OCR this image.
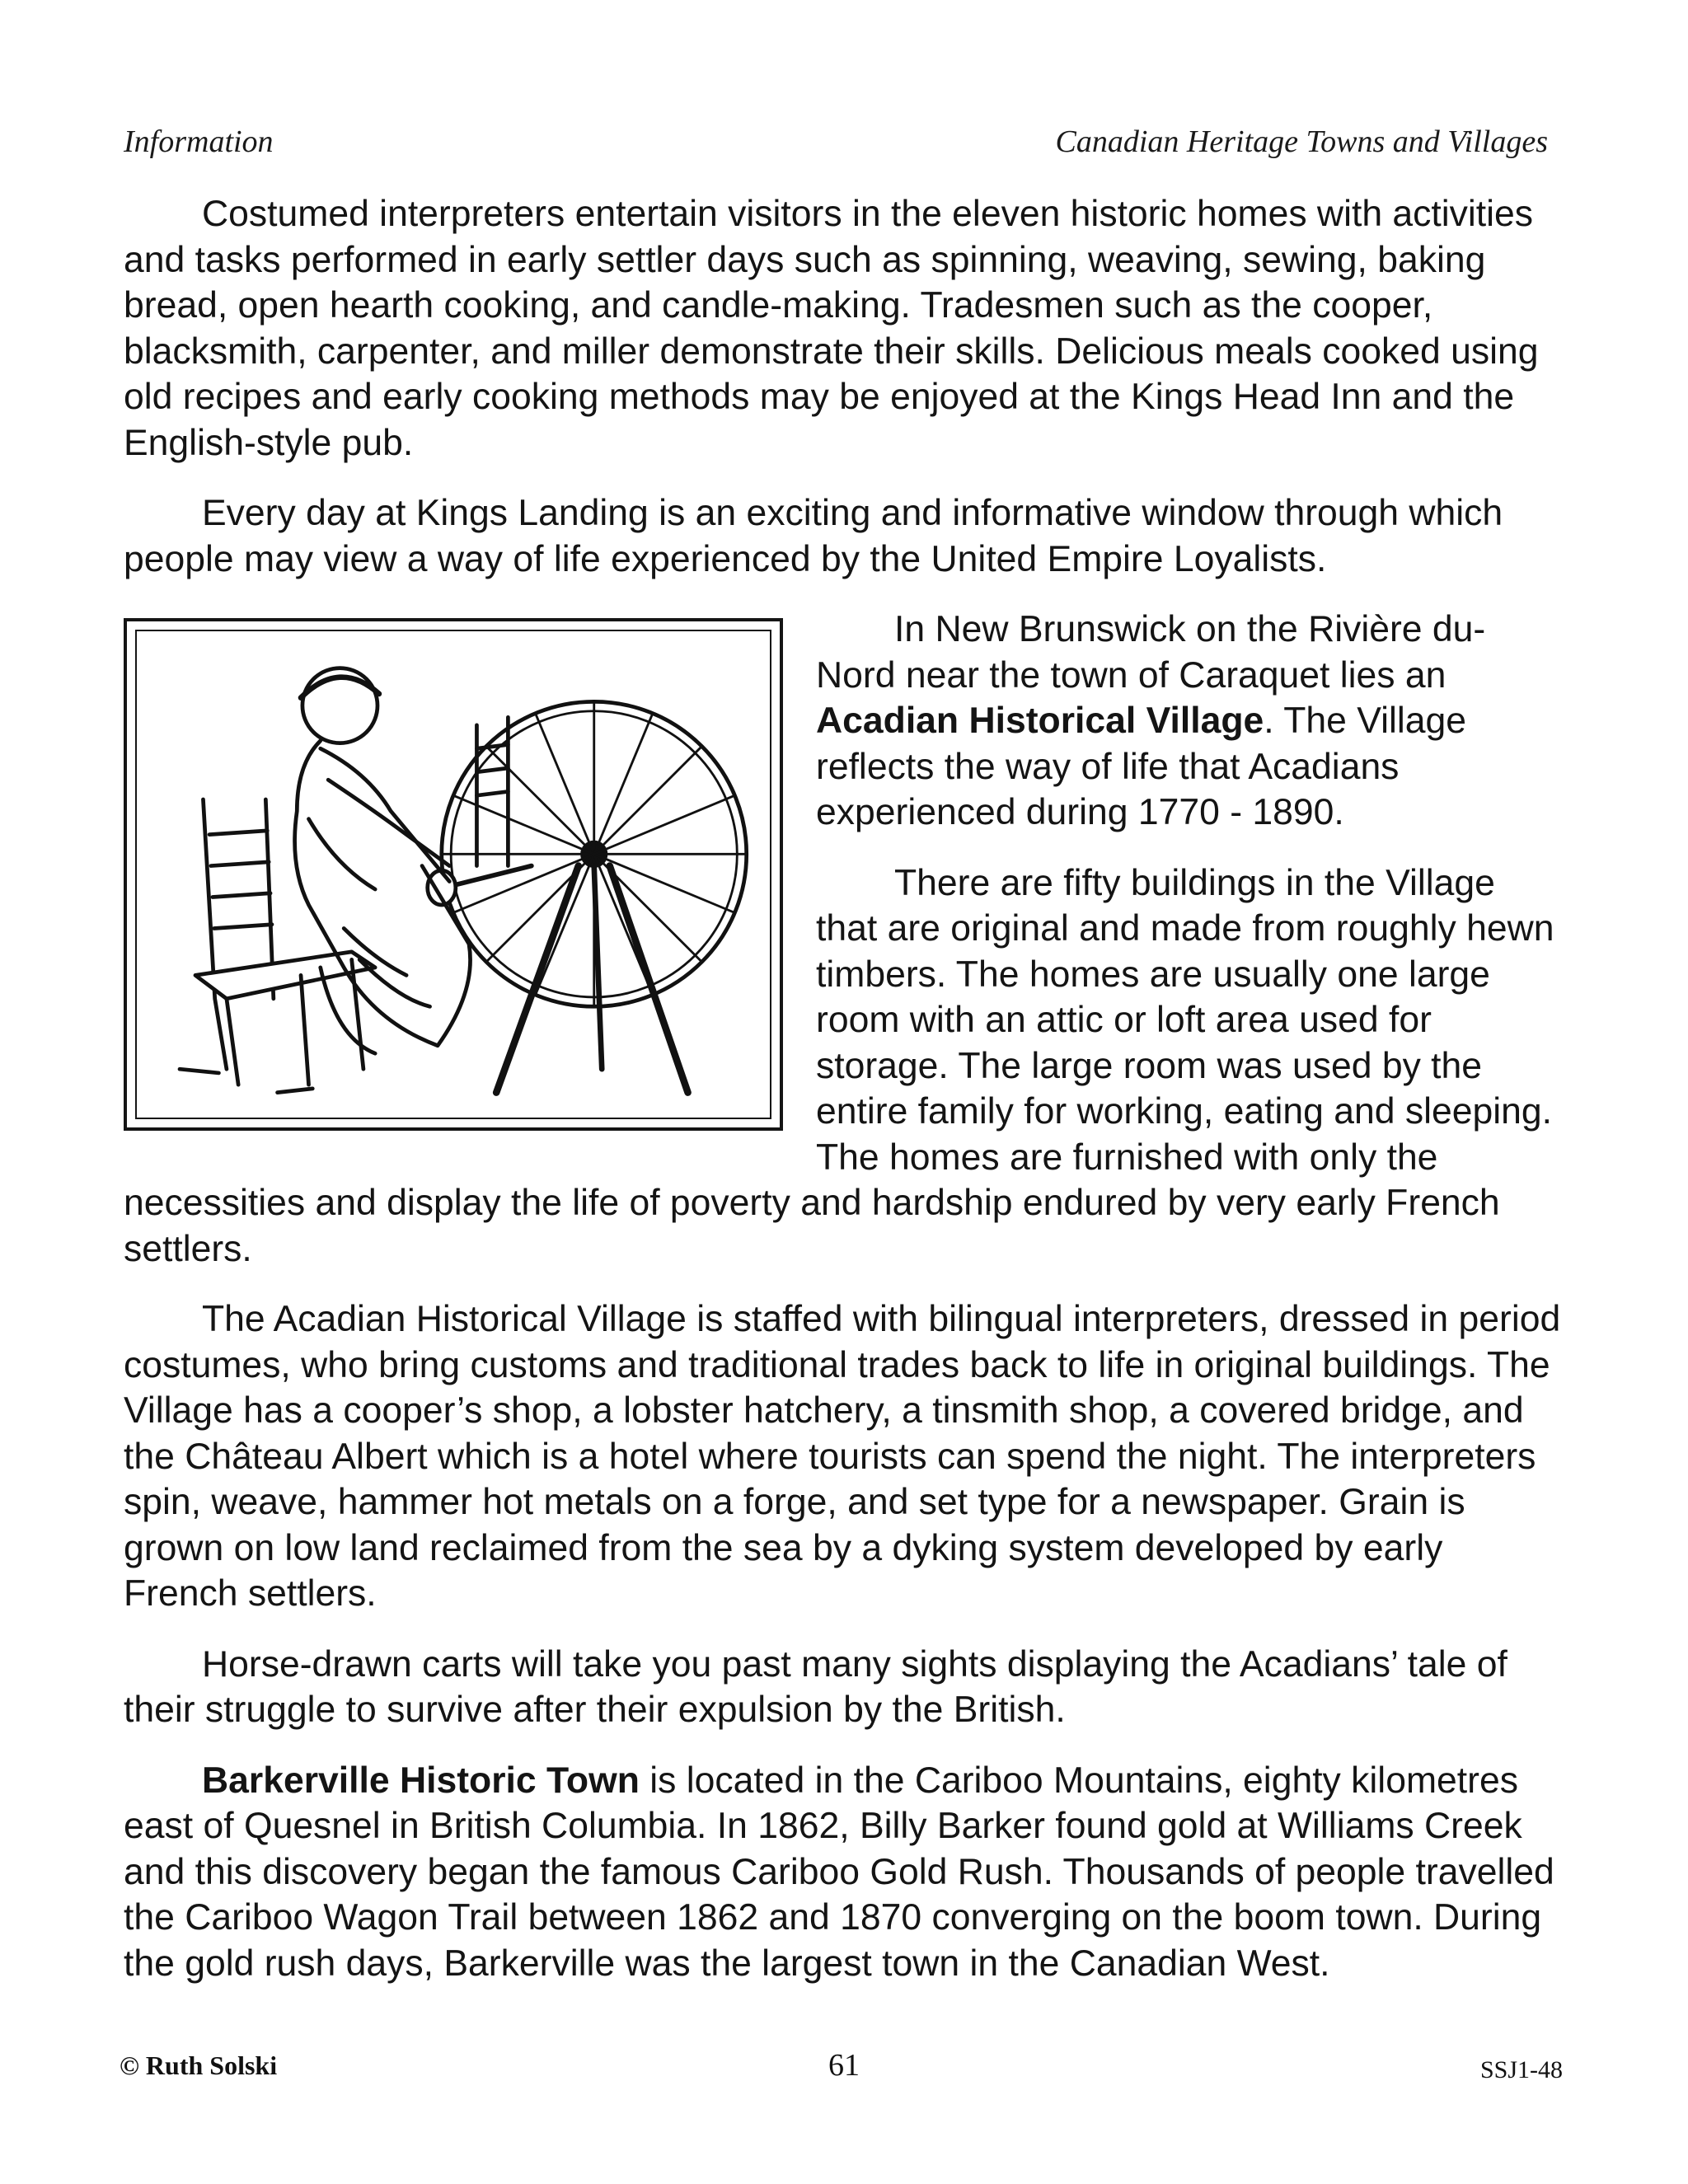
Information	Canadian Heritage Towns and Villages

Costumed interpreters entertain visitors in the eleven historic homes with activities and tasks performed in early settler days such as spinning, weaving, sewing, baking bread, open hearth cooking, and candle-making. Tradesmen such as the cooper, blacksmith, carpenter, and miller demonstrate their skills. Delicious meals cooked using old recipes and early cooking methods may be enjoyed at the Kings Head Inn and the English-style pub.

Every day at Kings Landing is an exciting and informative window through which people may view a way of life experienced by the United Empire Loyalists.

In New Brunswick on the Rivière du-Nord near the town of Caraquet lies an Acadian Historical Village. The Village reflects the way of life that Acadians experienced during 1770 - 1890.

There are fifty buildings in the Village that are original and made from roughly hewn timbers. The homes are usually one large room with an attic or loft area used for storage. The large room was used by the entire family for working, eating and sleeping. The homes are furnished with only the necessities and display the life of poverty and hardship endured by very early French settlers.

The Acadian Historical Village is staffed with bilingual interpreters, dressed in period costumes, who bring customs and traditional trades back to life in original buildings. The Village has a cooper’s shop, a lobster hatchery, a tinsmith shop, a covered bridge, and the Château Albert which is a hotel where tourists can spend the night. The interpreters spin, weave, hammer hot metals on a forge, and set type for a newspaper. Grain is grown on low land reclaimed from the sea by a dyking system developed by early French settlers.

Horse-drawn carts will take you past many sights displaying the Acadians’ tale of their struggle to survive after their expulsion by the British.

Barkerville Historic Town is located in the Cariboo Mountains, eighty kilometres east of Quesnel in British Columbia. In 1862, Billy Barker found gold at Williams Creek and this discovery began the famous Cariboo Gold Rush. Thousands of people travelled the Cariboo Wagon Trail between 1862 and 1870 converging on the boom town. During the gold rush days, Barkerville was the largest town in the Canadian West.

© Ruth Solski	61	SSJ1-48
